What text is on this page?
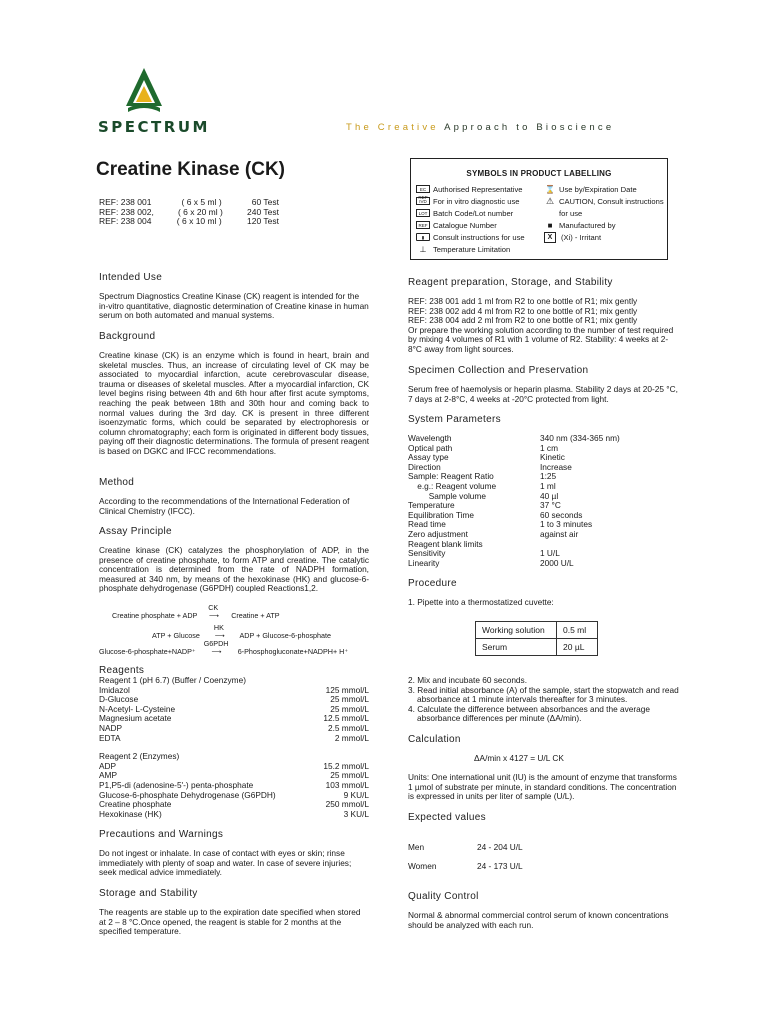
SPECTRUM	The Creative Approach to Bioscience
Creatine Kinase (CK)
REF: 238 001	( 6 x 5 ml )	60 Test
REF: 238 002,	( 6 x 20 ml )	240 Test
REF: 238 004	( 6 x 10 ml )	120 Test
SYMBOLS IN PRODUCT LABELLING
EC REP
Authorised Representative
IVD For in vitro diagnostic use
LOT Batch Code/Lot number
REF Catalogue Number
▮	Consult instructions for use
⊥ Temperature Limitation
⌛ Use by/Expiration Date
⚠ CAUTION, Consult instructions
for use
■ Manufactured by
X	(Xi) - Irritant
Intended Use
Spectrum Diagnostics Creatine Kinase (CK) reagent is intended for the in-vitro quantitative, diagnostic determination of Creatine kinase in human serum on both automated and manual systems.
Background
Creatine kinase (CK) is an enzyme which is found in heart, brain and skeletal muscles. Thus, an increase of circulating level of CK may be associated to myocardial infarction, acute cerebrovascular disease, trauma or diseases of skeletal muscles. After a myocardial infarction, CK level begins rising between 4th and 6th hour after first acute symptoms, reaching the peak between 18th and 30th hour and coming back to normal values during the 3rd day. CK is present in three different isoenzymatic forms, which could be separated by electrophoresis or column chromatography; each form is originated in different body tissues, paying off their diagnostic determinations. The formula of present reagent is based on DGKC and IFCC recommendations.
Method
According to the recommendations of the International Federation of Clinical Chemistry (IFCC).
Assay Principle
Creatine kinase (CK) catalyzes the phosphorylation of ADP, in the presence of creatine phosphate, to form ATP and creatine. The catalytic concentration is determined from the rate of NADPH formation, measured at 340 nm, by means of the hexokinase (HK) and glucose-6-phosphate dehydrogenase (G6PDH) coupled Reactions1,2.
Creatine phosphate + ADP
CK
⟶ Creatine + ATP
ATP + Glucose
HK
⟶ ADP + Glucose-6-phosphate
Glucose-6-phosphate+NADP⁺
G6PDH
⟶ 6-Phosphogluconate+NADPH+ H⁺
Reagents
Reagent 1 (pH 6.7) (Buffer / Coenzyme)
Imidazol	125 mmol/L
D-Glucose	25 mmol/L
N-Acetyl- L-Cysteine	25 mmol/L
Magnesium acetate	12.5 mmol/L
NADP	2.5 mmol/L
EDTA	2 mmol/L
Reagent 2 (Enzymes)
ADP	15.2 mmol/L
AMP	25 mmol/L
P1,P5-di (adenosine-5'-) penta-phosphate	103 mmol/L
Glucose-6-phosphate Dehydrogenase (G6PDH)	9 KU/L
Creatine phosphate	250 mmol/L
Hexokinase (HK)	3 KU/L
Precautions and Warnings
Do not ingest or inhalate. In case of contact with eyes or skin; rinse immediately with plenty of soap and water. In case of severe injuries; seek medical advice immediately.
Storage and Stability
The reagents are stable up to the expiration date specified when stored at 2 – 8 °C.Once opened, the reagent is stable for 2 months at the specified temperature.
Reagent preparation, Storage, and Stability
REF: 238 001 add 1 ml from R2 to one bottle of R1; mix gently
REF: 238 002 add 4 ml from R2 to one bottle of R1; mix gently
REF: 238 004 add 2 ml from R2 to one bottle of R1; mix gently
Or prepare the working solution according to the number of test required by mixing 4 volumes of R1 with 1 volume of R2. Stability: 4 weeks at 2-8°C away from light sources.
Specimen Collection and Preservation
Serum free of haemolysis or heparin plasma. Stability 2 days at 20-25 °C, 7 days at 2-8°C, 4 weeks at -20°C protected from light.
System Parameters
Wavelength	340 nm (334-365 nm)
Optical path	1 cm
Assay type	Kinetic
Direction	Increase
Sample: Reagent Ratio	1:25
e.g.: Reagent volume	1 ml
Sample volume	40 µl
Temperature	37 °C
Equilibration Time	60 seconds
Read time	1 to 3 minutes
Zero adjustment	against air
Reagent blank limits
Sensitivity	1 U/L
Linearity	2000 U/L
Procedure
1. Pipette into a thermostatized cuvette:
Working solution	0.5 ml
Serum	20 µL
2. Mix and incubate 60 seconds.
3. Read initial absorbance (A) of the sample, start the stopwatch and read absorbance at 1 minute intervals thereafter for 3 minutes.
4. Calculate the difference between absorbances and the average absorbance differences per minute (ΔA/min).
Calculation
ΔA/min x 4127 = U/L CK
Units: One international unit (IU) is the amount of enzyme that transforms 1 µmol of substrate per minute, in standard conditions. The concentration is expressed in units per liter of sample (U/L).
Expected values
Men	24 - 204 U/L
Women	24 - 173 U/L
Quality Control
Normal & abnormal commercial control serum of known concentrations should be analyzed with each run.
